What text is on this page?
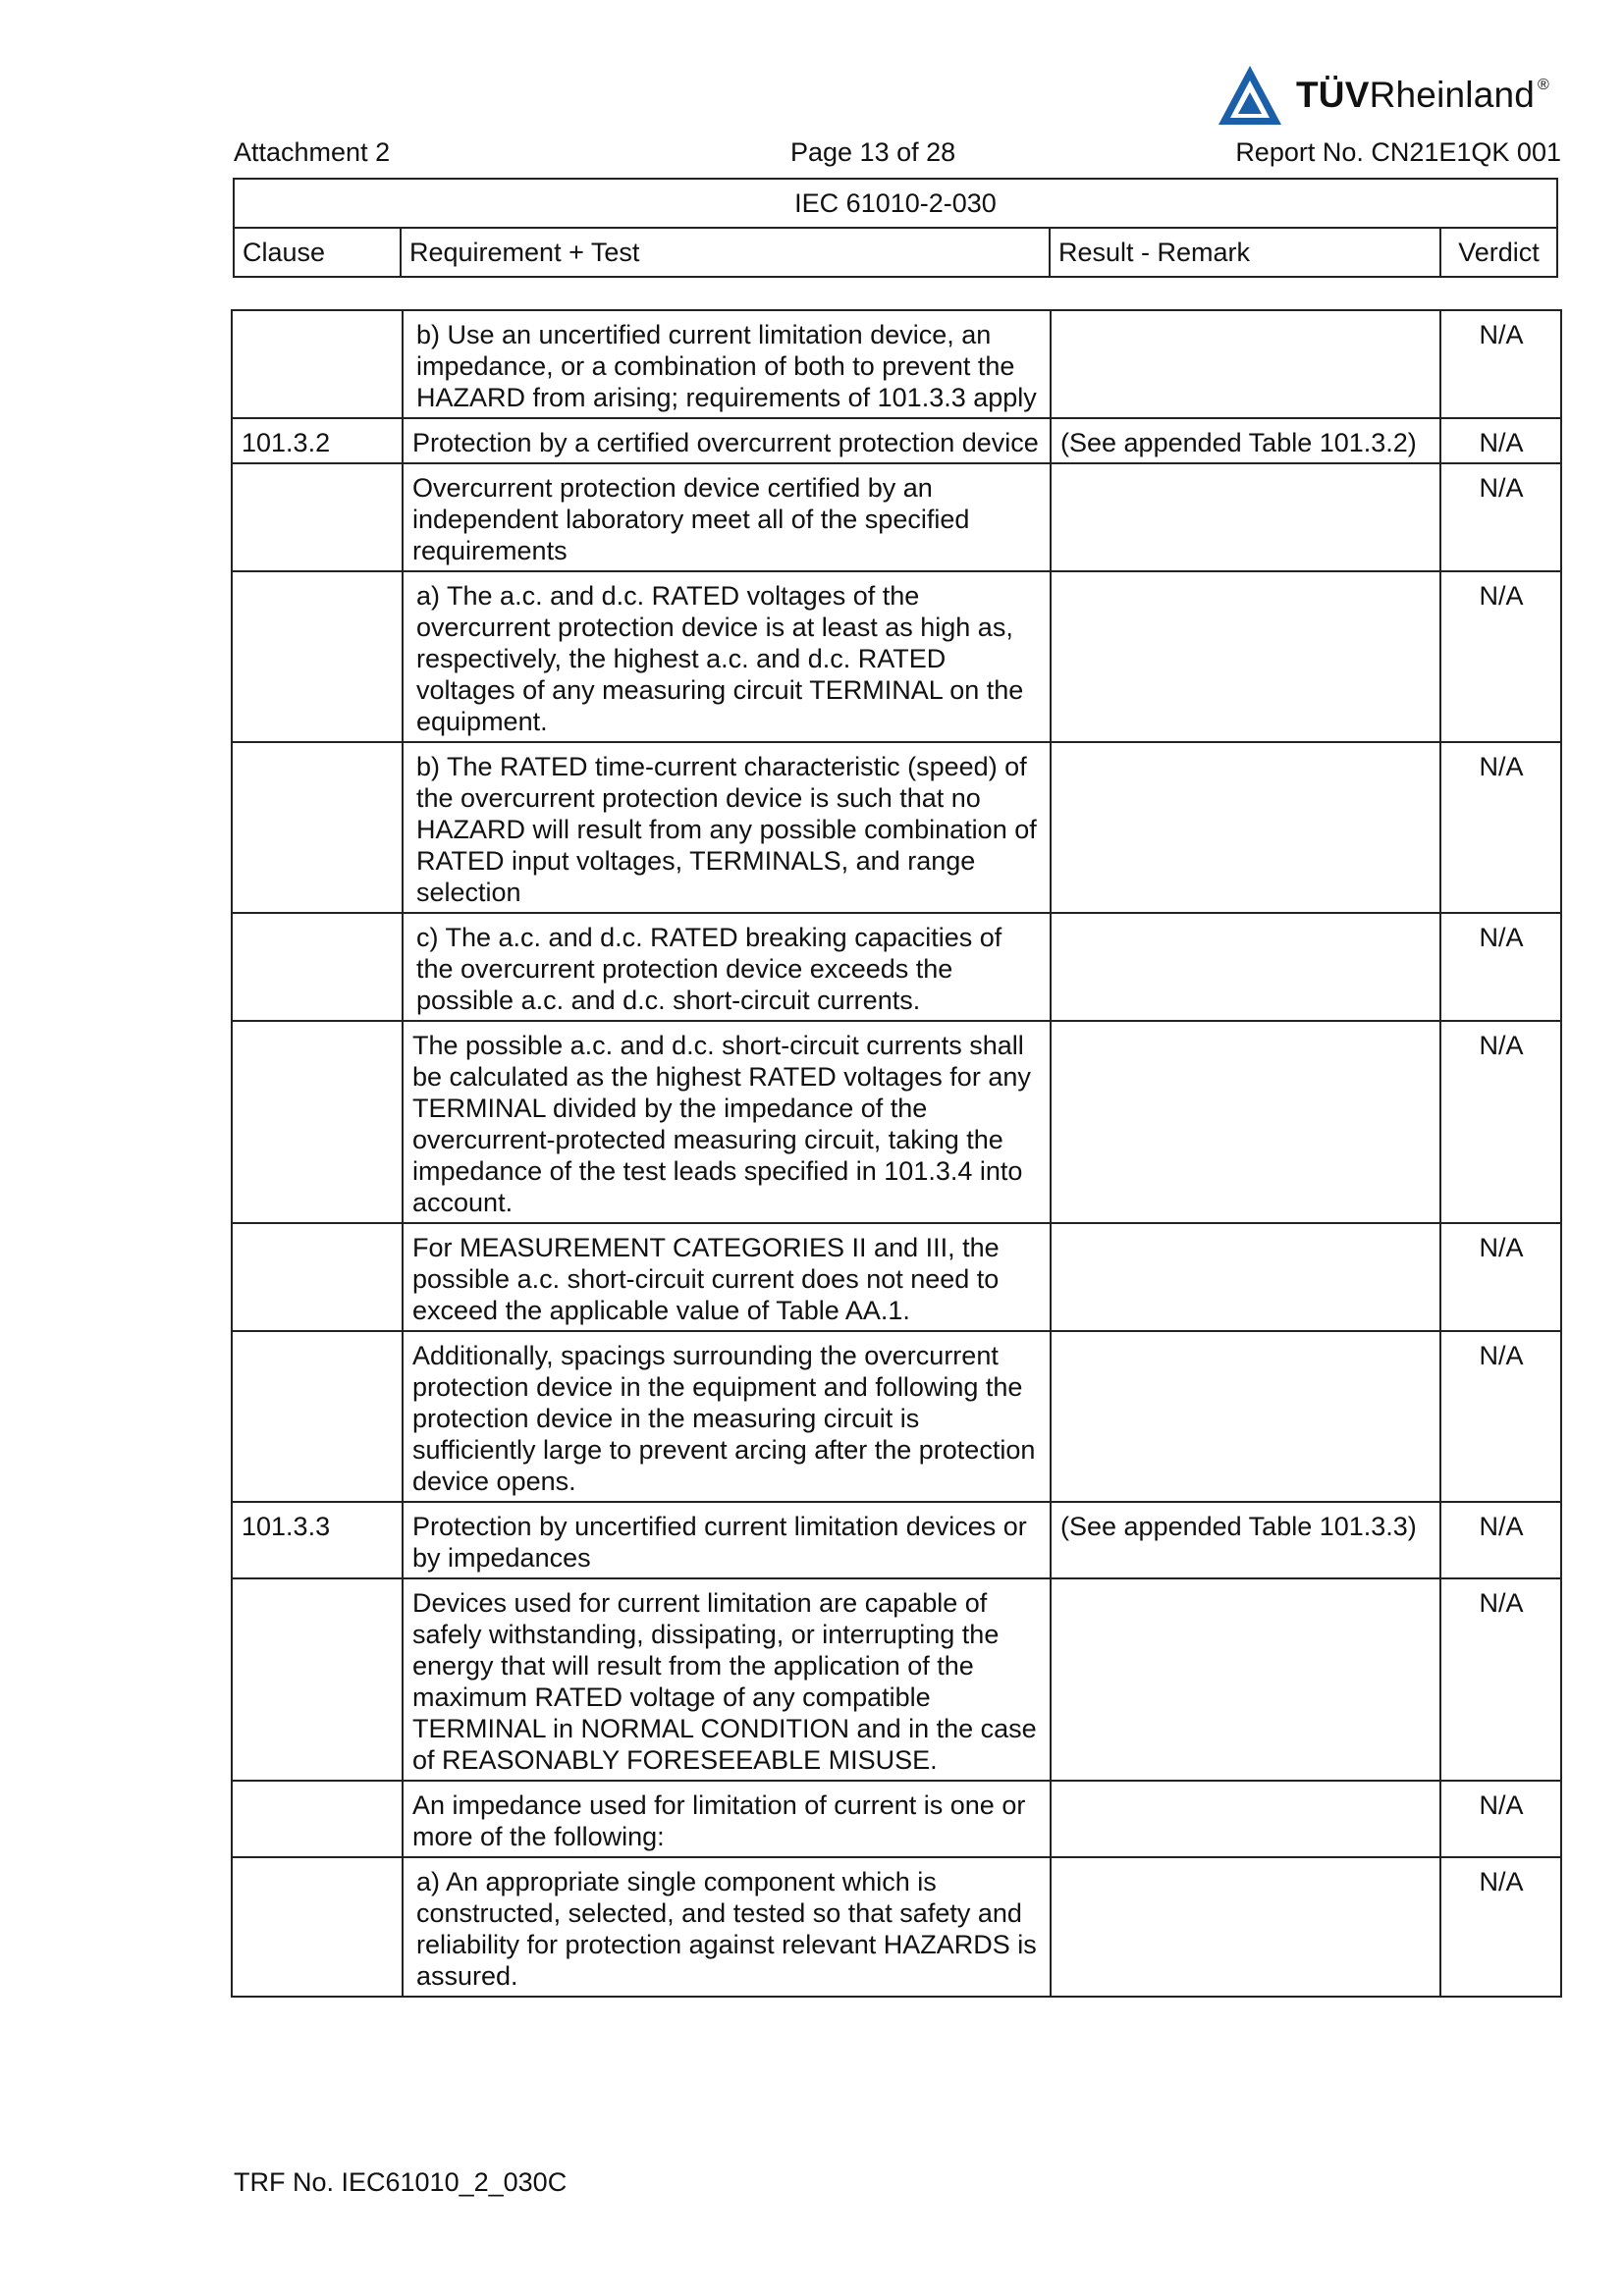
TÜVRheinland ®
Attachment 2	Page 13 of 28	Report No. CN21E1QK 001
IEC 61010-2-030
Clause	Requirement + Test	Result - Remark	Verdict
	b) Use an uncertified current limitation device, an impedance, or a combination of both to prevent the HAZARD from arising; requirements of 101.3.3 apply		N/A
101.3.2	Protection by a certified overcurrent protection device	(See appended Table 101.3.2)	N/A
	Overcurrent protection device certified by an independent laboratory meet all of the specified requirements		N/A
	a) The a.c. and d.c. RATED voltages of the overcurrent protection device is at least as high as, respectively, the highest a.c. and d.c. RATED voltages of any measuring circuit TERMINAL on the equipment.		N/A
	b) The RATED time-current characteristic (speed) of the overcurrent protection device is such that no HAZARD will result from any possible combination of RATED input voltages, TERMINALS, and range selection		N/A
	c) The a.c. and d.c. RATED breaking capacities of the overcurrent protection device exceeds the possible a.c. and d.c. short-circuit currents.		N/A
	The possible a.c. and d.c. short-circuit currents shall be calculated as the highest RATED voltages for any TERMINAL divided by the impedance of the overcurrent-protected measuring circuit, taking the impedance of the test leads specified in 101.3.4 into account.		N/A
	For MEASUREMENT CATEGORIES II and III, the possible a.c. short-circuit current does not need to exceed the applicable value of Table AA.1.		N/A
	Additionally, spacings surrounding the overcurrent protection device in the equipment and following the protection device in the measuring circuit is sufficiently large to prevent arcing after the protection device opens.		N/A
101.3.3	Protection by uncertified current limitation devices or by impedances	(See appended Table 101.3.3)	N/A
	Devices used for current limitation are capable of safely withstanding, dissipating, or interrupting the energy that will result from the application of the maximum RATED voltage of any compatible TERMINAL in NORMAL CONDITION and in the case of REASONABLY FORESEEABLE MISUSE.		N/A
	An impedance used for limitation of current is one or more of the following:		N/A
	a) An appropriate single component which is constructed, selected, and tested so that safety and reliability for protection against relevant HAZARDS is assured.		N/A
TRF No. IEC61010_2_030C
